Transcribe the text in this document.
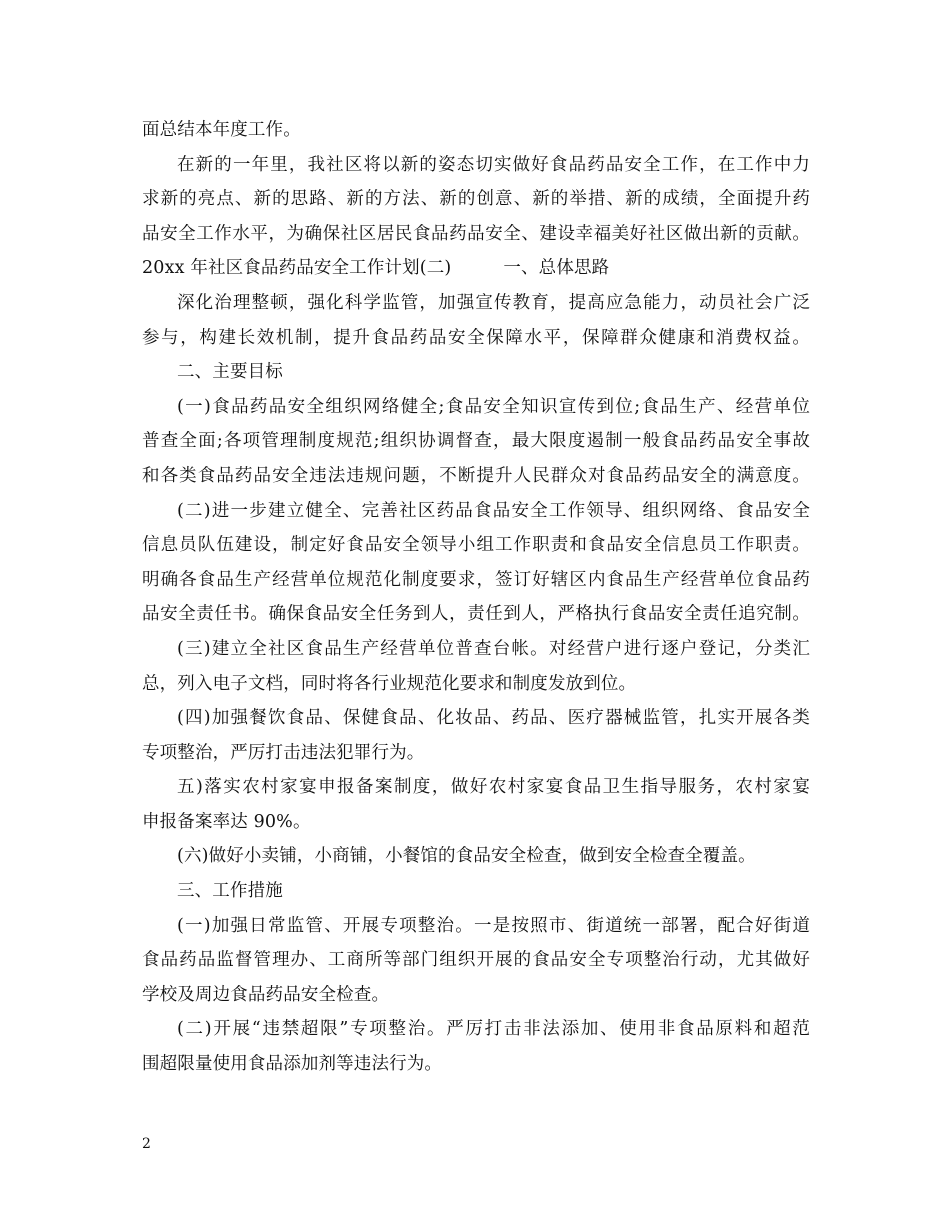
面总结本年度工作。
在新的一年里，我社区将以新的姿态切实做好食品药品安全工作，在工作中力
求新的亮点、新的思路、新的方法、新的创意、新的举措、新的成绩，全面提升药
品安全工作水平，为确保社区居民食品药品安全、建设幸福美好社区做出新的贡献。
20xx 年社区食品药品安全工作计划(二)	一、总体思路
深化治理整顿，强化科学监管，加强宣传教育，提高应急能力，动员社会广泛
参与，构建长效机制，提升食品药品安全保障水平，保障群众健康和消费权益。
二、主要目标
(一)食品药品安全组织网络健全;食品安全知识宣传到位;食品生产、经营单位
普查全面;各项管理制度规范;组织协调督查，最大限度遏制一般食品药品安全事故
和各类食品药品安全违法违规问题，不断提升人民群众对食品药品安全的满意度。
(二)进一步建立健全、完善社区药品食品安全工作领导、组织网络、食品安全
信息员队伍建设，制定好食品安全领导小组工作职责和食品安全信息员工作职责。
明确各食品生产经营单位规范化制度要求，签订好辖区内食品生产经营单位食品药
品安全责任书。确保食品安全任务到人，责任到人，严格执行食品安全责任追究制。
(三)建立全社区食品生产经营单位普查台帐。对经营户进行逐户登记，分类汇
总，列入电子文档，同时将各行业规范化要求和制度发放到位。
(四)加强餐饮食品、保健食品、化妆品、药品、医疗器械监管，扎实开展各类
专项整治，严厉打击违法犯罪行为。
五)落实农村家宴申报备案制度，做好农村家宴食品卫生指导服务，农村家宴
申报备案率达 90%。
(六)做好小卖铺，小商铺，小餐馆的食品安全检查，做到安全检查全覆盖。
三、工作措施
(一)加强日常监管、开展专项整治。一是按照市、街道统一部署，配合好街道
食品药品监督管理办、工商所等部门组织开展的食品安全专项整治行动，尤其做好
学校及周边食品药品安全检查。
(二)开展“违禁超限”专项整治。严厉打击非法添加、使用非食品原料和超范
围超限量使用食品添加剂等违法行为。
2
